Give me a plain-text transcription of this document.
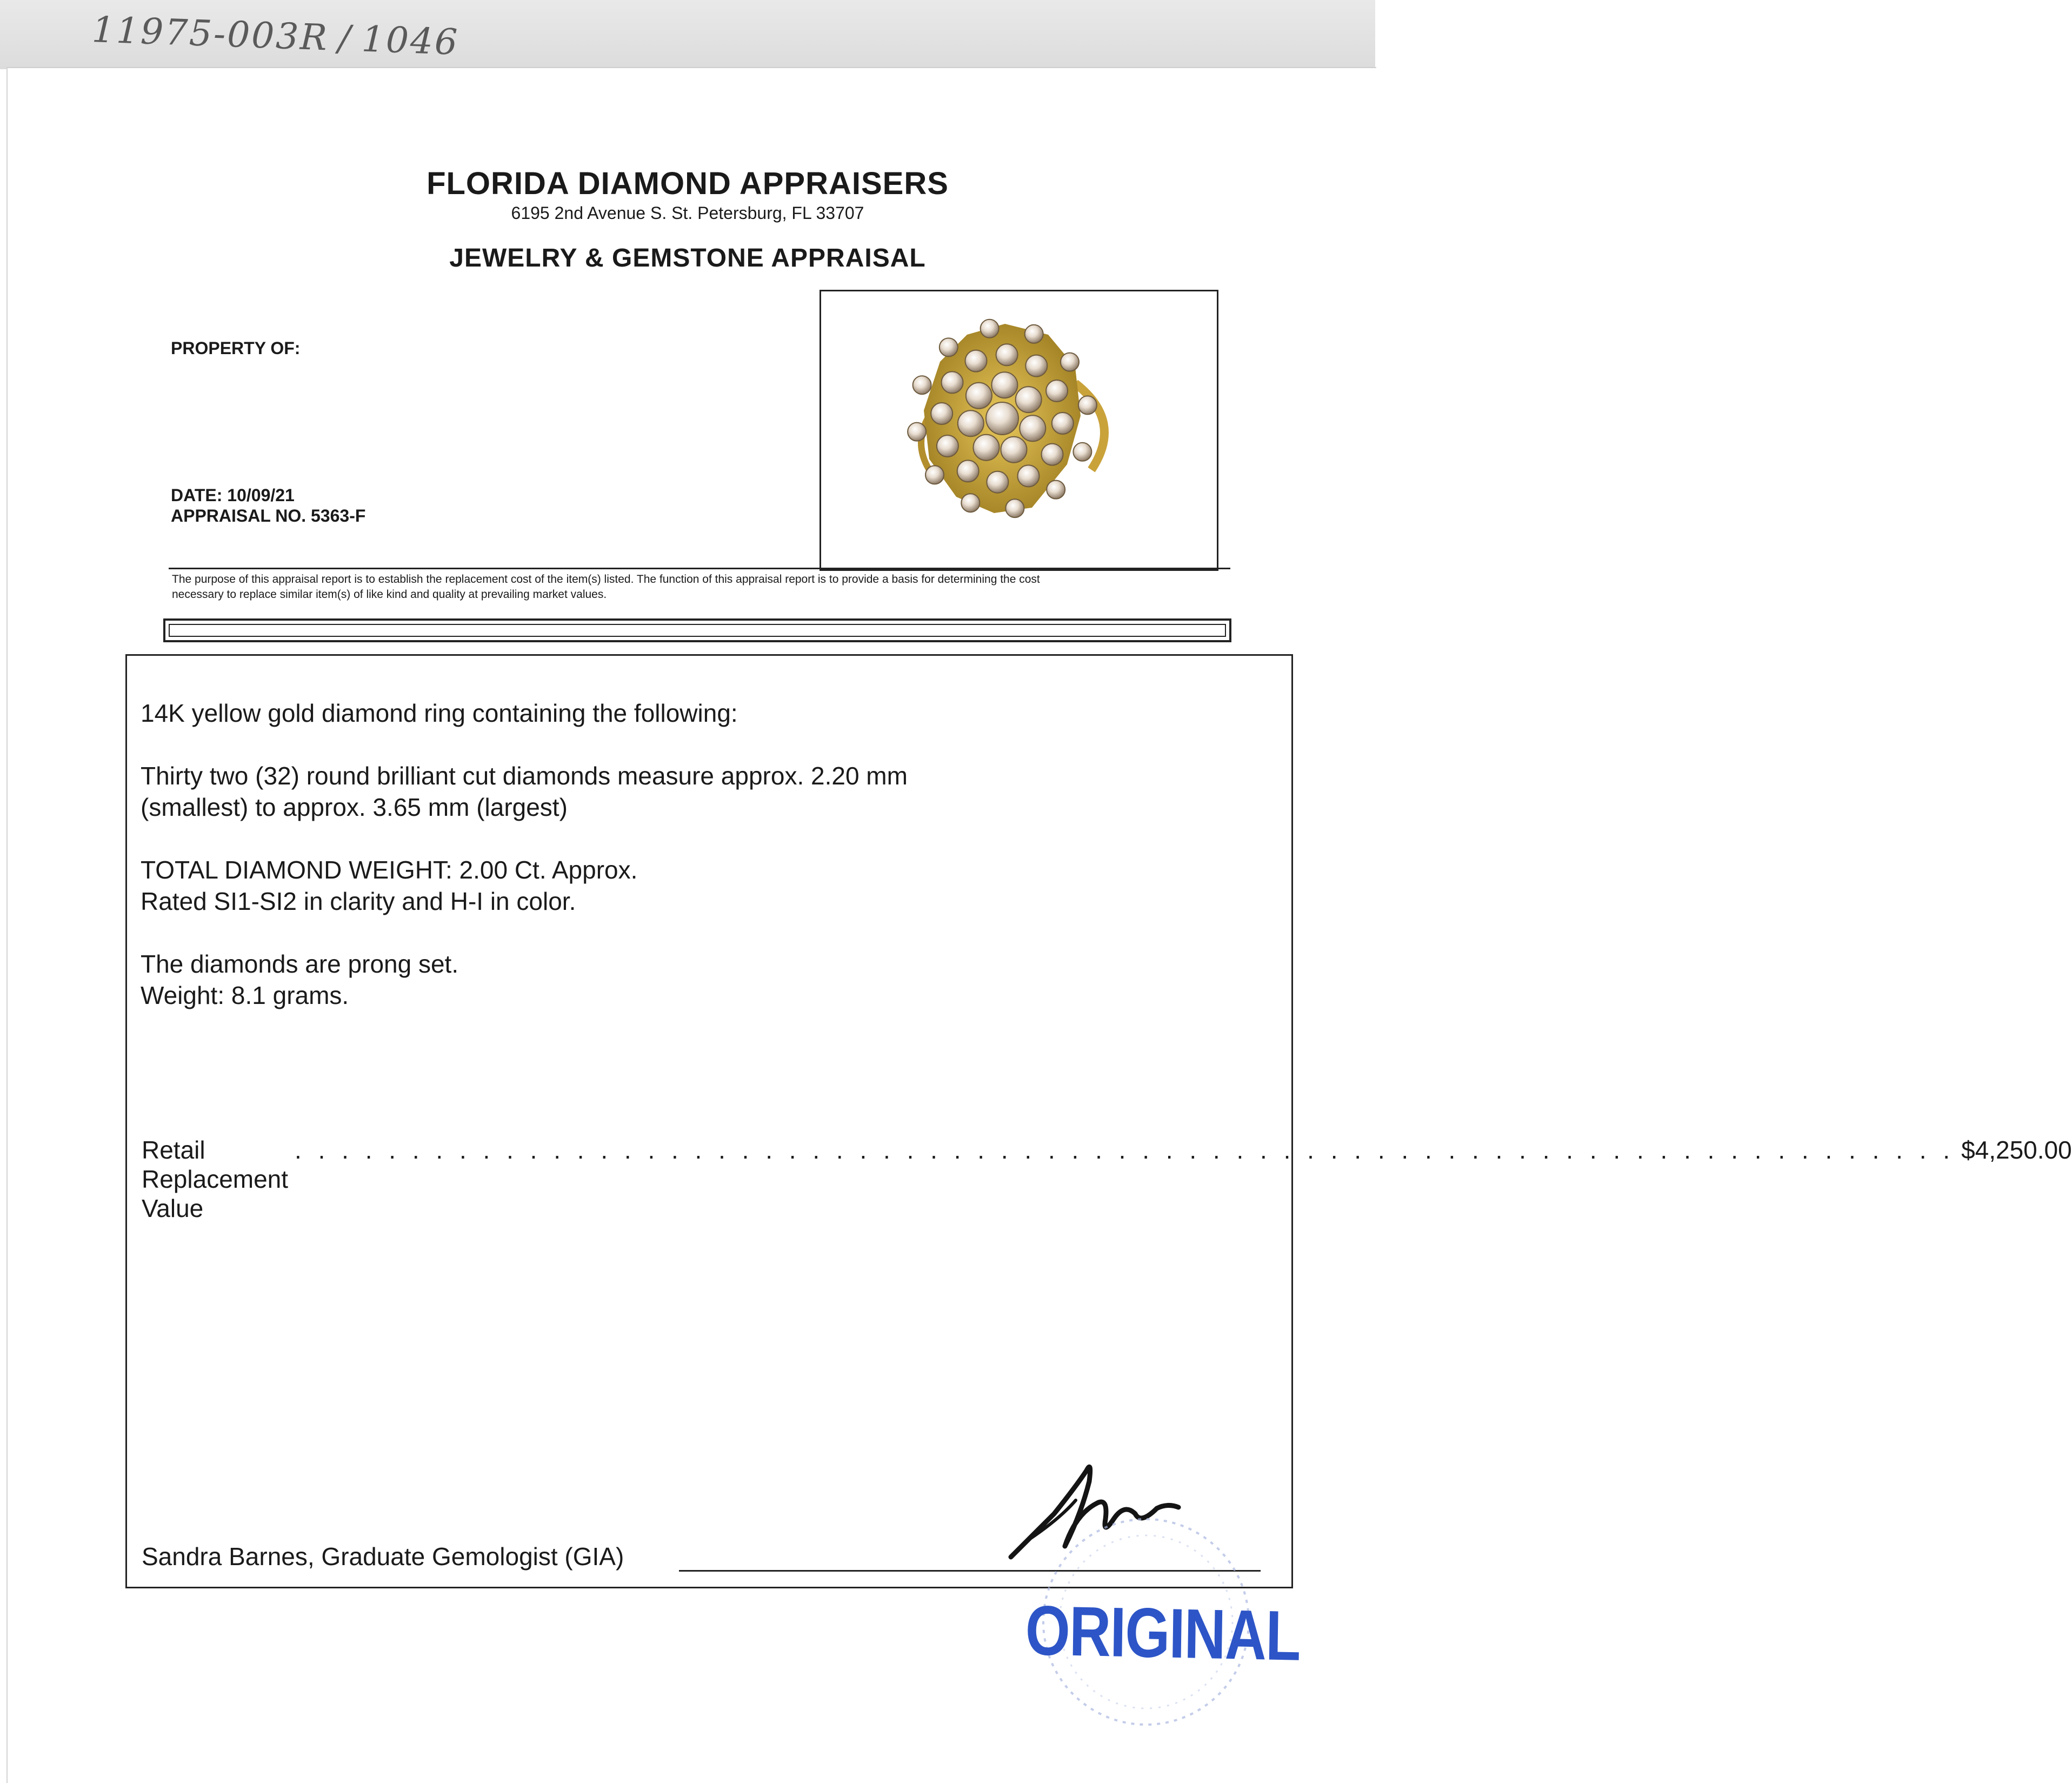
11975-003R / 1046
FLORIDA DIAMOND APPRAISERS
6195 2nd Avenue S. St. Petersburg, FL 33707
JEWELRY & GEMSTONE APPRAISAL
PROPERTY OF:
DATE: 10/09/21
APPRAISAL NO. 5363-F
The purpose of this appraisal report is to establish the replacement cost of the item(s) listed. The function of this appraisal report is to provide a basis for determining the cost
necessary to replace similar item(s) of like kind and quality at prevailing market values.
14K yellow gold diamond ring containing the following:
Thirty two (32) round brilliant cut diamonds measure approx. 2.20 mm
(smallest) to approx. 3.65 mm (largest)
TOTAL DIAMOND WEIGHT: 2.00 Ct. Approx.
Rated SI1-SI2 in clarity and H-I in color.
The diamonds are prong set.
Weight: 8.1 grams.
Retail Replacement Value
. . . . . . . . . . . . . . . . . . . . . . . . . . . . . . . . . . . . . . . . . . . . . . . . . . . . . . . . . . . . . . . . . . . . . . . $4,250.00
Sandra Barnes, Graduate Gemologist (GIA)
ORIGINAL
